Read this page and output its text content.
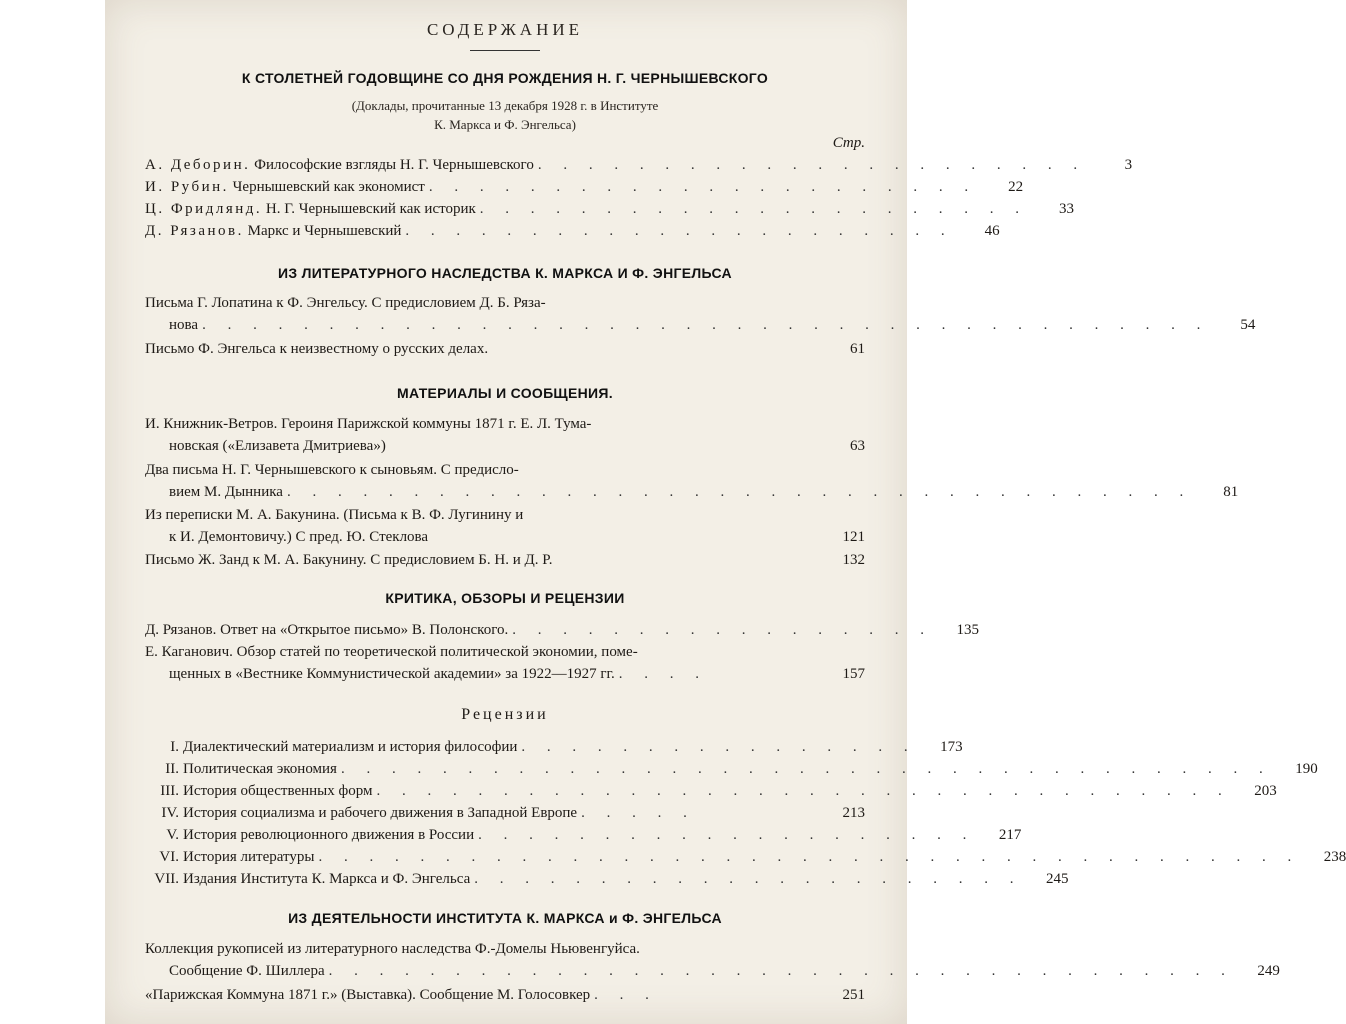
СОДЕРЖАНИЕ
К СТОЛЕТНЕЙ ГОДОВЩИНЕ СО ДНЯ РОЖДЕНИЯ Н. Г. ЧЕРНЫШЕВСКОГО
(Доклады, прочитанные 13 декабря 1928 г. в Институте
К. Маркса и Ф. Энгельса)
Стр.
А. Деборин. Философские взгляды Н. Г. Чернышевского . . . . . . . . . . . . . . . . . . . . . .	3
И. Рубин. Чернышевский как экономист . . . . . . . . . . . . . . . . . . . . . .	22
Ц. Фридлянд. Н. Г. Чернышевский как историк . . . . . . . . . . . . . . . . . . . . . .	33
Д. Рязанов. Маркс и Чернышевский . . . . . . . . . . . . . . . . . . . . . .	46
ИЗ ЛИТЕРАТУРНОГО НАСЛЕДСТВА К. МАРКСА И Ф. ЭНГЕЛЬСА
Письма Г. Лопатина к Ф. Энгельсу. С предисловием Д. Б. Ряза-
нова . . . . . . . . . . . . . . . . . . . . . . . . . . . . . . . . . . . . . . . .	54
Письмо Ф. Энгельса к неизвестному о русских делах.	61
МАТЕРИАЛЫ И СООБЩЕНИЯ.
И. Книжник-Ветров. Героиня Парижской коммуны 1871 г. Е. Л. Тума-
новская («Елизавета Дмитриева»)	63
Два письма Н. Г. Чернышевского к сыновьям. С предисло-
вием М. Дынника . . . . . . . . . . . . . . . . . . . . . . . . . . . . . . . . . . . .	81
Из переписки М. А. Бакунина. (Письма к В. Ф. Лугинину и
к И. Демонтовичу.) С пред. Ю. Стеклова	121
Письмо Ж. Занд к М. А. Бакунину. С предисловием Б. Н. и Д. Р.	132
КРИТИКА, ОБЗОРЫ И РЕЦЕНЗИИ
Д. Рязанов. Ответ на «Открытое письмо» В. Полонского. . . . . . . . . . . . . . . . . .	135
Е. Каганович. Обзор статей по теоретической политической экономии, поме-
щенных в «Вестнике Коммунистической академии» за 1922—1927 гг. . . . .	157
Рецензии
I. Диалектический материализм и история философии . . . . . . . . . . . . . . . .	173
II. Политическая экономия . . . . . . . . . . . . . . . . . . . . . . . . . . . . . . . . . . . . .	190
III. История общественных форм . . . . . . . . . . . . . . . . . . . . . . . . . . . . . . . . . .	203
IV. История социализма и рабочего движения в Западной Европе . . . . .	213
V. История революционного движения в России . . . . . . . . . . . . . . . . . . . .	217
VI. История литературы . . . . . . . . . . . . . . . . . . . . . . . . . . . . . . . . . . . . . . .	238
VII. Издания Института К. Маркса и Ф. Энгельса . . . . . . . . . . . . . . . . . . . . . .	245
ИЗ ДЕЯТЕЛЬНОСТИ ИНСТИТУТА К. МАРКСА и Ф. ЭНГЕЛЬСА
Коллекция рукописей из литературного наследства Ф.-Домелы Ньювенгуйса.
Сообщение Ф. Шиллера . . . . . . . . . . . . . . . . . . . . . . . . . . . . . . . . . . . .	249
«Парижская Коммуна 1871 г.» (Выставка). Сообщение М. Голосовкер . . .	251
